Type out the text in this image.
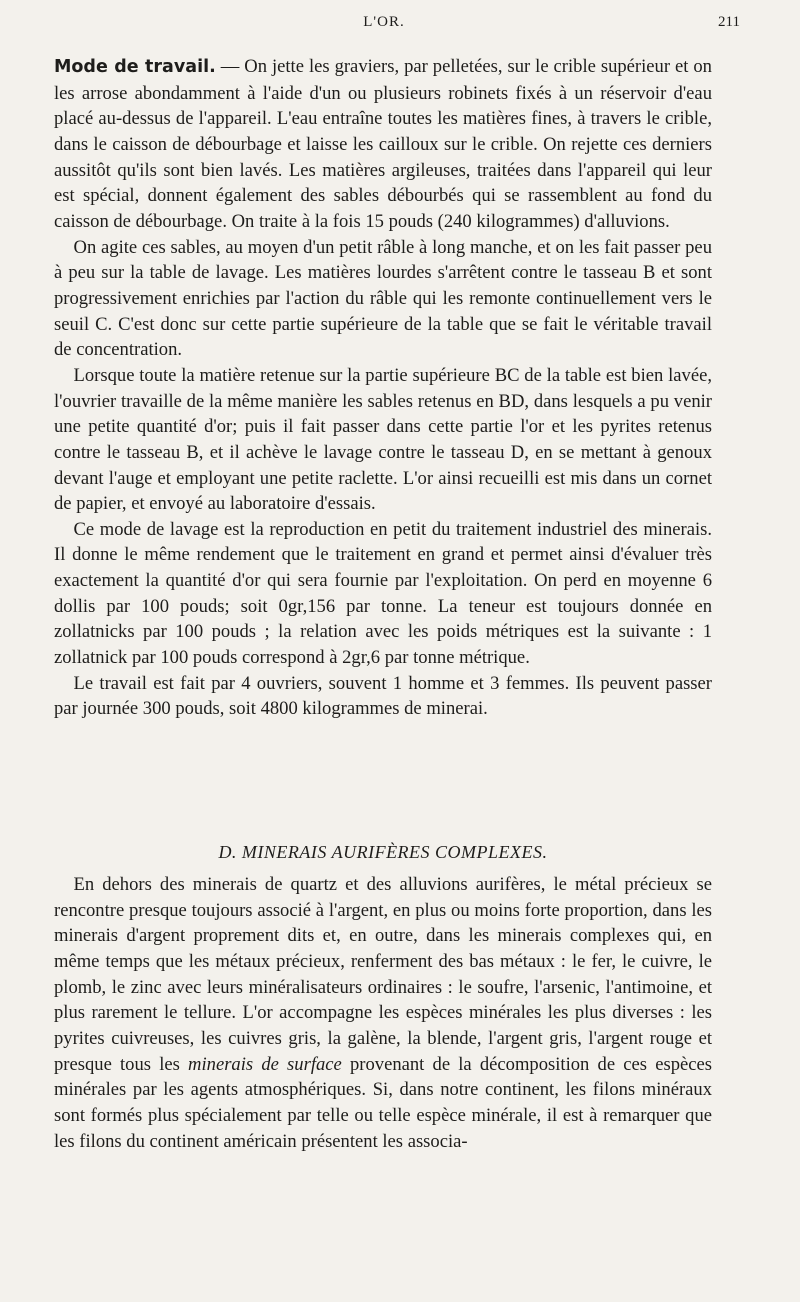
L'OR.	211

Mode de travail. — On jette les graviers, par pelletées, sur le crible supérieur et on les arrose abondamment à l'aide d'un ou plusieurs robinets fixés à un réservoir d'eau placé au-dessus de l'appareil. L'eau entraîne toutes les matières fines, à travers le crible, dans le caisson de débourbage et laisse les cailloux sur le crible. On rejette ces derniers aussitôt qu'ils sont bien lavés. Les matières argileuses, traitées dans l'appareil qui leur est spécial, donnent également des sables débourbés qui se rassemblent au fond du caisson de débourbage. On traite à la fois 15 pouds (240 kilogrammes) d'alluvions.

On agite ces sables, au moyen d'un petit râble à long manche, et on les fait passer peu à peu sur la table de lavage. Les matières lourdes s'arrêtent contre le tasseau B et sont progressivement enrichies par l'action du râble qui les remonte continuellement vers le seuil C. C'est donc sur cette partie supérieure de la table que se fait le véritable travail de concentration.

Lorsque toute la matière retenue sur la partie supérieure BC de la table est bien lavée, l'ouvrier travaille de la même manière les sables retenus en BD, dans lesquels a pu venir une petite quantité d'or; puis il fait passer dans cette partie l'or et les pyrites retenus contre le tasseau B, et il achève le lavage contre le tasseau D, en se mettant à genoux devant l'auge et employant une petite raclette. L'or ainsi recueilli est mis dans un cornet de papier, et envoyé au laboratoire d'essais.

Ce mode de lavage est la reproduction en petit du traitement industriel des minerais. Il donne le même rendement que le traitement en grand et permet ainsi d'évaluer très exactement la quantité d'or qui sera fournie par l'exploitation. On perd en moyenne 6 dollis par 100 pouds; soit 0gr,156 par tonne. La teneur est toujours donnée en zollatnicks par 100 pouds ; la relation avec les poids métriques est la suivante : 1 zollatnick par 100 pouds correspond à 2gr,6 par tonne métrique.

Le travail est fait par 4 ouvriers, souvent 1 homme et 3 femmes. Ils peuvent passer par journée 300 pouds, soit 4800 kilogrammes de minerai.

D. MINERAIS AURIFÈRES COMPLEXES.

En dehors des minerais de quartz et des alluvions aurifères, le métal précieux se rencontre presque toujours associé à l'argent, en plus ou moins forte proportion, dans les minerais d'argent proprement dits et, en outre, dans les minerais complexes qui, en même temps que les métaux précieux, renferment des bas métaux : le fer, le cuivre, le plomb, le zinc avec leurs minéralisateurs ordinaires : le soufre, l'arsenic, l'antimoine, et plus rarement le tellure. L'or accompagne les espèces minérales les plus diverses : les pyrites cuivreuses, les cuivres gris, la galène, la blende, l'argent gris, l'argent rouge et presque tous les minerais de surface provenant de la décomposition de ces espèces minérales par les agents atmosphériques. Si, dans notre continent, les filons minéraux sont formés plus spécialement par telle ou telle espèce minérale, il est à remarquer que les filons du continent américain présentent les associa-
